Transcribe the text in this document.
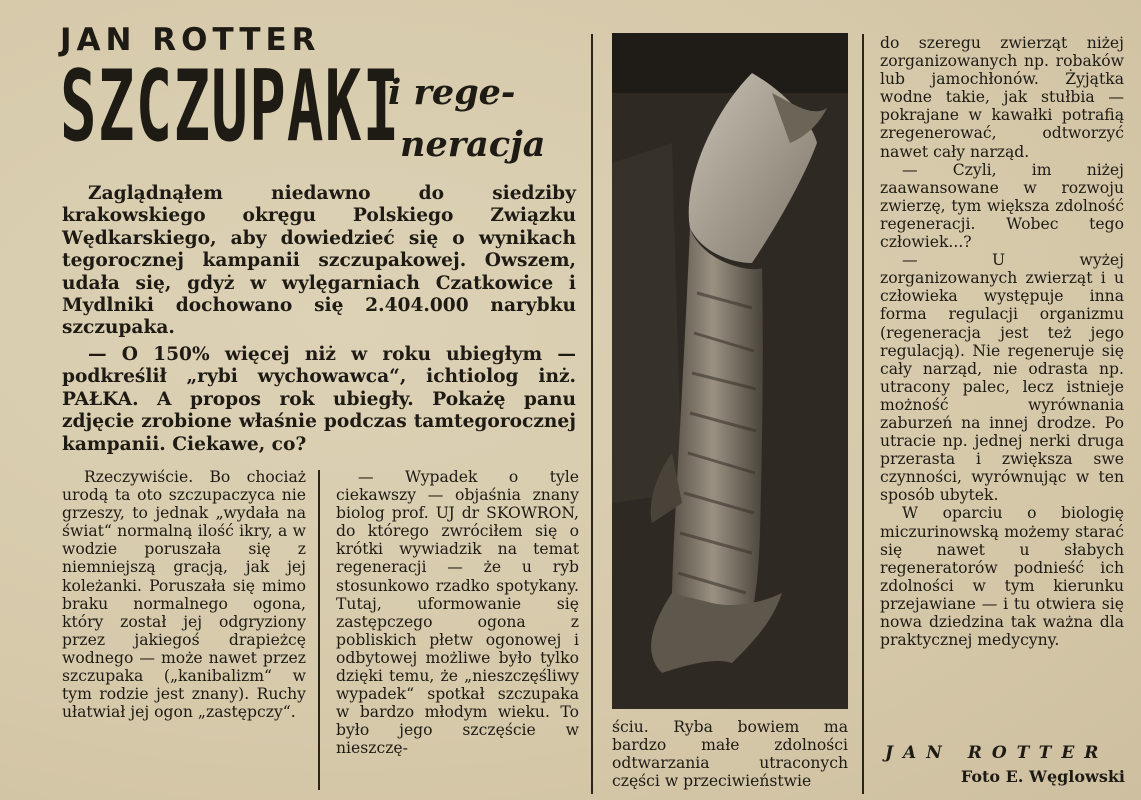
JAN ROTTER
SZCZUPAKI
i rege-
neracja
Zaglądnąłem niedawno do siedziby krakowskiego okręgu Polskiego Związku Wędkarskiego, aby dowiedzieć się o wynikach tegorocznej kampanii szczupakowej. Owszem, udała się, gdyż w wylęgarniach Czatkowice i Mydlniki dochowano się 2.404.000 narybku szczupaka.
— O 150% więcej niż w roku ubiegłym — podkreślił „rybi wychowawca“, ichtiolog inż. PAŁKA. A propos rok ubiegły. Pokażę panu zdjęcie zrobione właśnie podczas tamtegorocznej kampanii. Ciekawe, co?

Rzeczywiście. Bo chociaż urodą ta oto szczupaczyca nie grzeszy, to jednak „wydała na świat“ normalną ilość ikry, a w wodzie poruszała się z niemniejszą gracją, jak jej koleżanki. Poruszała się mimo braku normalnego ogona, który został jej odgryziony przez jakiegoś drapieżcę wodnego — może nawet przez szczupaka („kanibalizm“ w tym rodzie jest znany). Ruchy ułatwiał jej ogon „zastępczy“.

— Wypadek o tyle ciekawszy — objaśnia znany biolog prof. UJ dr SKOWRON, do którego zwróciłem się o krótki wywiadzik na temat regeneracji — że u ryb stosunkowo rzadko spotykany. Tutaj, uformowanie się zastępczego ogona z pobliskich płetw ogonowej i odbytowej możliwe było tylko dzięki temu, że „nieszczęśliwy wypadek“ spotkał szczupaka w bardzo młodym wieku. To było jego szczęście w nieszczę-

ściu. Ryba bowiem ma bardzo małe zdolności odtwarzania utraconych części w przeciwieństwie

do szeregu zwierząt niżej zorganizowanych np. robaków lub jamochłonów. Żyjątka wodne takie, jak stułbia — pokrajane w kawałki potrafią zregenerować, odtworzyć nawet cały narząd.

— Czyli, im niżej zaawansowane w rozwoju zwierzę, tym większa zdolność regeneracji. Wobec tego człowiek...?

— U wyżej zorganizowanych zwierząt i u człowieka występuje inna forma regulacji organizmu (regeneracja jest też jego regulacją). Nie regeneruje się cały narząd, nie odrasta np. utracony palec, lecz istnieje możność wyrównania zaburzeń na innej drodze. Po utracie np. jednej nerki druga przerasta i zwiększa swe czynności, wyrównując w ten sposób ubytek.

W oparciu o biologię miczurinowską możemy starać się nawet u słabych regeneratorów podnieść ich zdolności w tym kierunku przejawiane — i tu otwiera się nowa dziedzina tak ważna dla praktycznej medycyny.

JAN ROTTER
Foto E. Węglowski
